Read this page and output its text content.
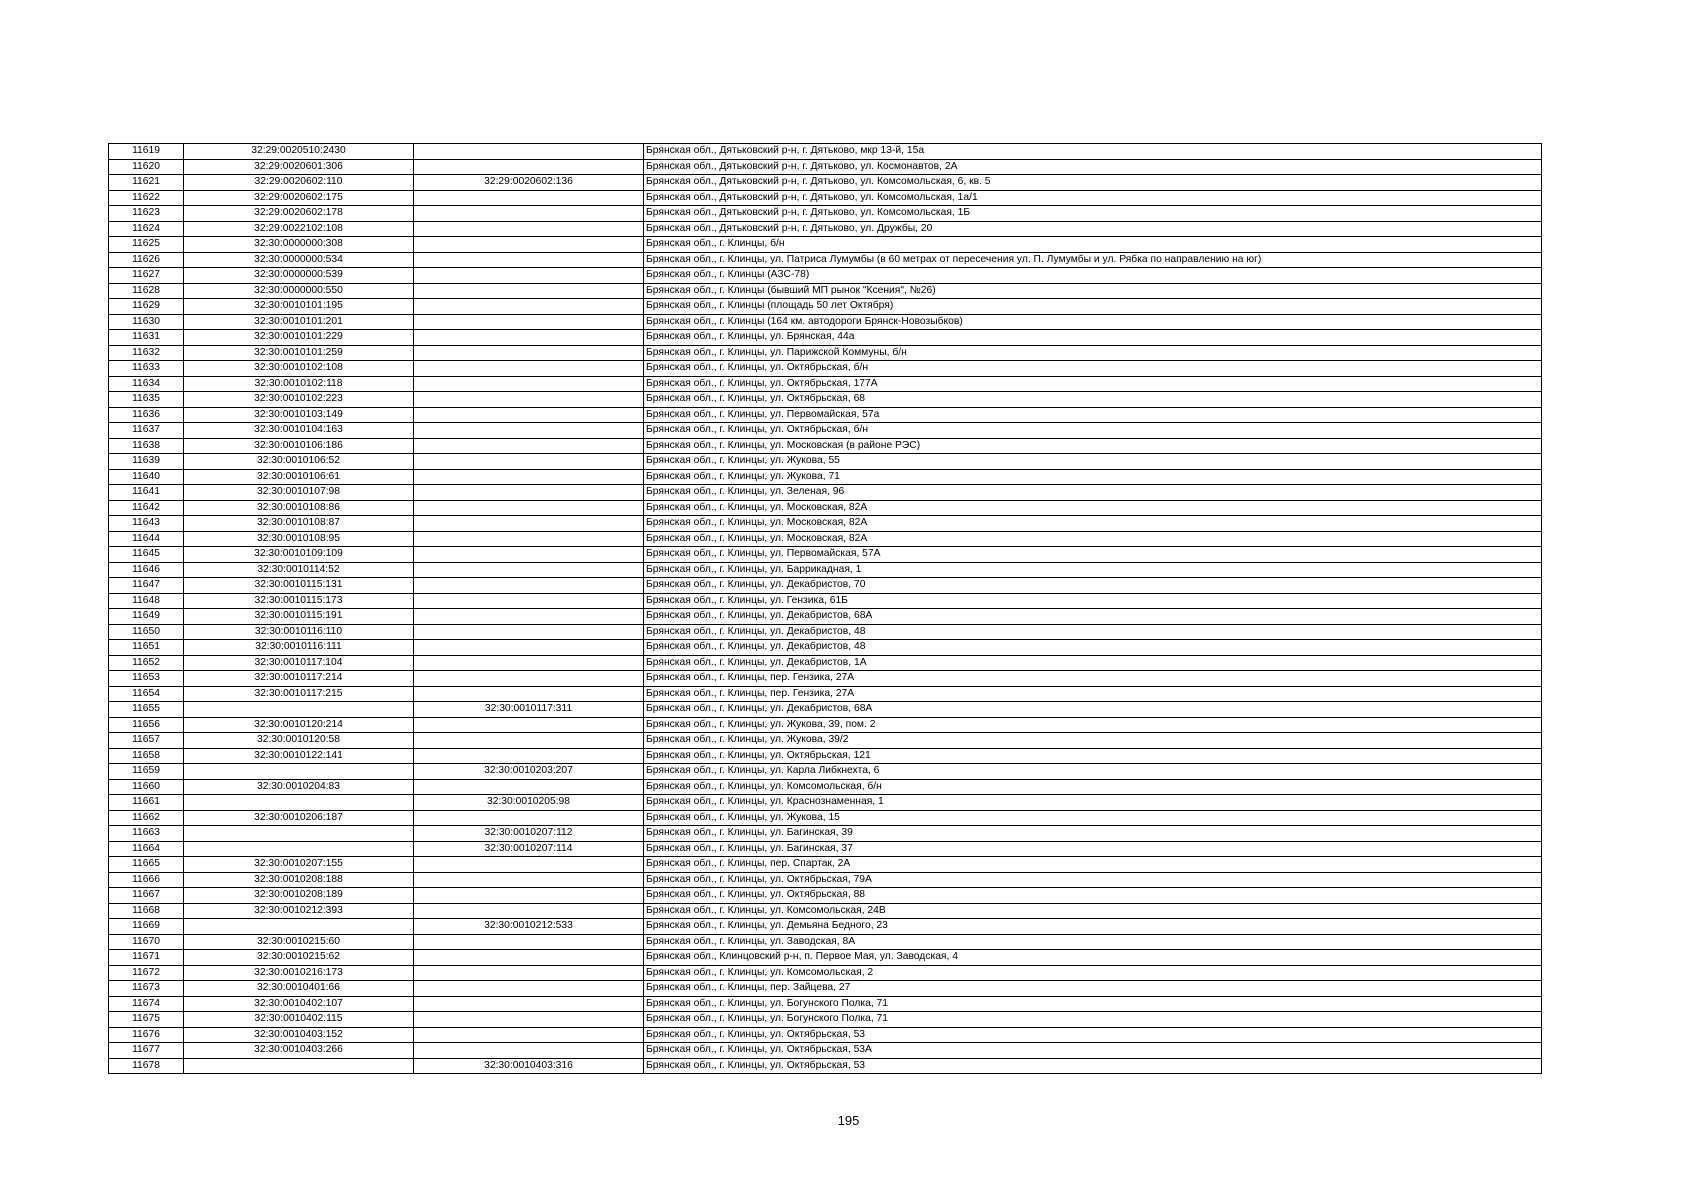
11619	32:29:0020510:2430		Брянская обл., Дятьковский р-н, г. Дятьково, мкр 13-й, 15а
11620	32:29:0020601:306		Брянская обл., Дятьковский р-н, г. Дятьково, ул. Космонавтов, 2А
11621	32:29:0020602:110	32:29:0020602:136	Брянская обл., Дятьковский р-н, г. Дятьково, ул. Комсомольская, 6, кв. 5
11622	32:29:0020602:175		Брянская обл., Дятьковский р-н, г. Дятьково, ул. Комсомольская, 1а/1
11623	32:29:0020602:178		Брянская обл., Дятьковский р-н, г. Дятьково, ул. Комсомольская, 1Б
11624	32:29:0022102:108		Брянская обл., Дятьковский р-н, г. Дятьково, ул. Дружбы, 20
11625	32:30:0000000:308		Брянская обл., г. Клинцы, б/н
11626	32:30:0000000:534		Брянская обл., г. Клинцы, ул. Патриса Лумумбы (в 60 метрах от пересечения ул. П. Лумумбы и ул. Рябка по направлению на юг)
11627	32:30:0000000:539		Брянская обл., г. Клинцы (АЗС-78)
11628	32:30:0000000:550		Брянская обл., г. Клинцы (бывший МП рынок "Ксения", №26)
11629	32:30:0010101:195		Брянская обл., г. Клинцы (площадь 50 лет Октября)
11630	32:30:0010101:201		Брянская обл., г. Клинцы (164 км. автодороги Брянск-Новозыбков)
11631	32:30:0010101:229		Брянская обл., г. Клинцы, ул. Брянская, 44а
11632	32:30:0010101:259		Брянская обл., г. Клинцы, ул. Парижской Коммуны, б/н
11633	32:30:0010102:108		Брянская обл., г. Клинцы, ул. Октябрьская, б/н
11634	32:30:0010102:118		Брянская обл., г. Клинцы, ул. Октябрьская, 177А
11635	32:30:0010102:223		Брянская обл., г. Клинцы, ул. Октябрьская, 68
11636	32:30:0010103:149		Брянская обл., г. Клинцы, ул. Первомайская, 57а
11637	32:30:0010104:163		Брянская обл., г. Клинцы, ул. Октябрьская, б/н
11638	32:30:0010106:186		Брянская обл., г. Клинцы, ул. Московская (в районе РЭС)
11639	32:30:0010106:52		Брянская обл., г. Клинцы, ул. Жукова, 55
11640	32:30:0010106:61		Брянская обл., г. Клинцы, ул. Жукова, 71
11641	32:30:0010107:98		Брянская обл., г. Клинцы, ул. Зеленая, 96
11642	32:30:0010108:86		Брянская обл., г. Клинцы, ул. Московская, 82А
11643	32:30:0010108:87		Брянская обл., г. Клинцы, ул. Московская, 82А
11644	32:30:0010108:95		Брянская обл., г. Клинцы, ул. Московская, 82А
11645	32:30:0010109:109		Брянская обл., г. Клинцы, ул. Первомайская, 57А
11646	32:30:0010114:52		Брянская обл., г. Клинцы, ул. Баррикадная, 1
11647	32:30:0010115:131		Брянская обл., г. Клинцы, ул. Декабристов, 70
11648	32:30:0010115:173		Брянская обл., г. Клинцы, ул. Гензика, 61Б
11649	32:30:0010115:191		Брянская обл., г. Клинцы, ул. Декабристов, 68А
11650	32:30:0010116:110		Брянская обл., г. Клинцы, ул. Декабристов, 48
11651	32:30:0010116:111		Брянская обл., г. Клинцы, ул. Декабристов, 48
11652	32:30:0010117:104		Брянская обл., г. Клинцы, ул. Декабристов, 1А
11653	32:30:0010117:214		Брянская обл., г. Клинцы, пер. Гензика, 27А
11654	32:30:0010117:215		Брянская обл., г. Клинцы, пер. Гензика, 27А
11655		32:30:0010117:311	Брянская обл., г. Клинцы, ул. Декабристов, 68А
11656	32:30:0010120:214		Брянская обл., г. Клинцы, ул. Жукова, 39, пом. 2
11657	32:30:0010120:58		Брянская обл., г. Клинцы, ул. Жукова, 39/2
11658	32:30:0010122:141		Брянская обл., г. Клинцы, ул. Октябрьская, 121
11659		32:30:0010203:207	Брянская обл., г. Клинцы, ул. Карла Либкнехта, 6
11660	32:30:0010204:83		Брянская обл., г. Клинцы, ул. Комсомольская, б/н
11661		32:30:0010205:98	Брянская обл., г. Клинцы, ул. Краснознаменная, 1
11662	32:30:0010206:187		Брянская обл., г. Клинцы, ул. Жукова, 15
11663		32:30:0010207:112	Брянская обл., г. Клинцы, ул. Багинская, 39
11664		32:30:0010207:114	Брянская обл., г. Клинцы, ул. Багинская, 37
11665	32:30:0010207:155		Брянская обл., г. Клинцы, пер. Спартак, 2А
11666	32:30:0010208:188		Брянская обл., г. Клинцы, ул. Октябрьская, 79А
11667	32:30:0010208:189		Брянская обл., г. Клинцы, ул. Октябрьская, 88
11668	32:30:0010212:393		Брянская обл., г. Клинцы, ул. Комсомольская, 24В
11669		32:30:0010212:533	Брянская обл., г. Клинцы, ул. Демьяна Бедного, 23
11670	32:30:0010215:60		Брянская обл., г. Клинцы, ул. Заводская, 8А
11671	32:30:0010215:62		Брянская обл., Клинцовский р-н, п. Первое Мая, ул. Заводская, 4
11672	32:30:0010216:173		Брянская обл., г. Клинцы, ул. Комсомольская, 2
11673	32:30:0010401:66		Брянская обл., г. Клинцы, пер. Зайцева, 27
11674	32:30:0010402:107		Брянская обл., г. Клинцы, ул. Богунского Полка, 71
11675	32:30:0010402:115		Брянская обл., г. Клинцы, ул. Богунского Полка, 71
11676	32:30:0010403:152		Брянская обл., г. Клинцы, ул. Октябрьская, 53
11677	32:30:0010403:266		Брянская обл., г. Клинцы, ул. Октябрьская, 53А
11678		32:30:0010403:316	Брянская обл., г. Клинцы, ул. Октябрьская, 53
195
